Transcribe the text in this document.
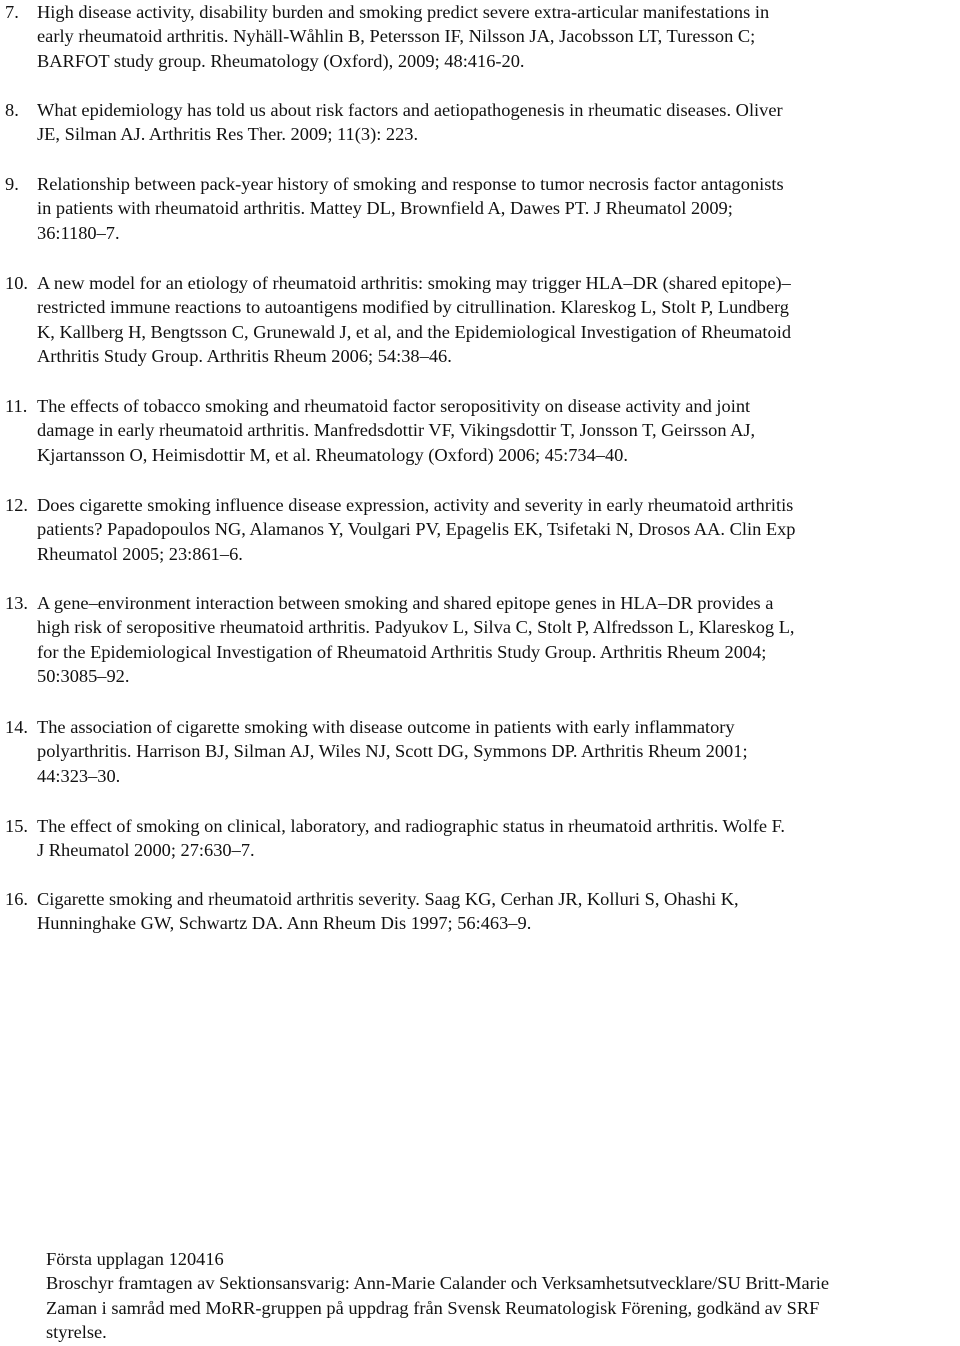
7. High disease activity, disability burden and smoking predict severe extra-articular manifestations in
early rheumatoid arthritis. Nyhäll-Wåhlin B, Petersson IF, Nilsson JA, Jacobsson LT, Turesson C;
BARFOT study group. Rheumatology (Oxford), 2009; 48:416-20.
8. What epidemiology has told us about risk factors and aetiopathogenesis in rheumatic diseases. Oliver
JE, Silman AJ. Arthritis Res Ther. 2009; 11(3): 223.
9. Relationship between pack-year history of smoking and response to tumor necrosis factor antagonists
in patients with rheumatoid arthritis. Mattey DL, Brownfield A, Dawes PT. J Rheumatol 2009;
36:1180–7.
10. A new model for an etiology of rheumatoid arthritis: smoking may trigger HLA–DR (shared epitope)–
restricted immune reactions to autoantigens modified by citrullination. Klareskog L, Stolt P, Lundberg
K, Kallberg H, Bengtsson C, Grunewald J, et al, and the Epidemiological Investigation of Rheumatoid
Arthritis Study Group. Arthritis Rheum 2006; 54:38–46.
11. The effects of tobacco smoking and rheumatoid factor seropositivity on disease activity and joint
damage in early rheumatoid arthritis. Manfredsdottir VF, Vikingsdottir T, Jonsson T, Geirsson AJ,
Kjartansson O, Heimisdottir M, et al. Rheumatology (Oxford) 2006; 45:734–40.
12. Does cigarette smoking influence disease expression, activity and severity in early rheumatoid arthritis
patients? Papadopoulos NG, Alamanos Y, Voulgari PV, Epagelis EK, Tsifetaki N, Drosos AA. Clin Exp
Rheumatol 2005; 23:861–6.
13. A gene–environment interaction between smoking and shared epitope genes in HLA–DR provides a
high risk of seropositive rheumatoid arthritis. Padyukov L, Silva C, Stolt P, Alfredsson L, Klareskog L,
for the Epidemiological Investigation of Rheumatoid Arthritis Study Group. Arthritis Rheum 2004;
50:3085–92.
14. The association of cigarette smoking with disease outcome in patients with early inflammatory
polyarthritis. Harrison BJ, Silman AJ, Wiles NJ, Scott DG, Symmons DP. Arthritis Rheum 2001;
44:323–30.
15. The effect of smoking on clinical, laboratory, and radiographic status in rheumatoid arthritis. Wolfe F.
J Rheumatol 2000; 27:630–7.
16. Cigarette smoking and rheumatoid arthritis severity. Saag KG, Cerhan JR, Kolluri S, Ohashi K,
Hunninghake GW, Schwartz DA. Ann Rheum Dis 1997; 56:463–9.
Första upplagan 120416
Broschyr framtagen av Sektionsansvarig: Ann-Marie Calander och Verksamhetsutvecklare/SU Britt-Marie
Zaman i samråd med MoRR-gruppen på uppdrag från Svensk Reumatologisk Förening, godkänd av SRF
styrelse.
